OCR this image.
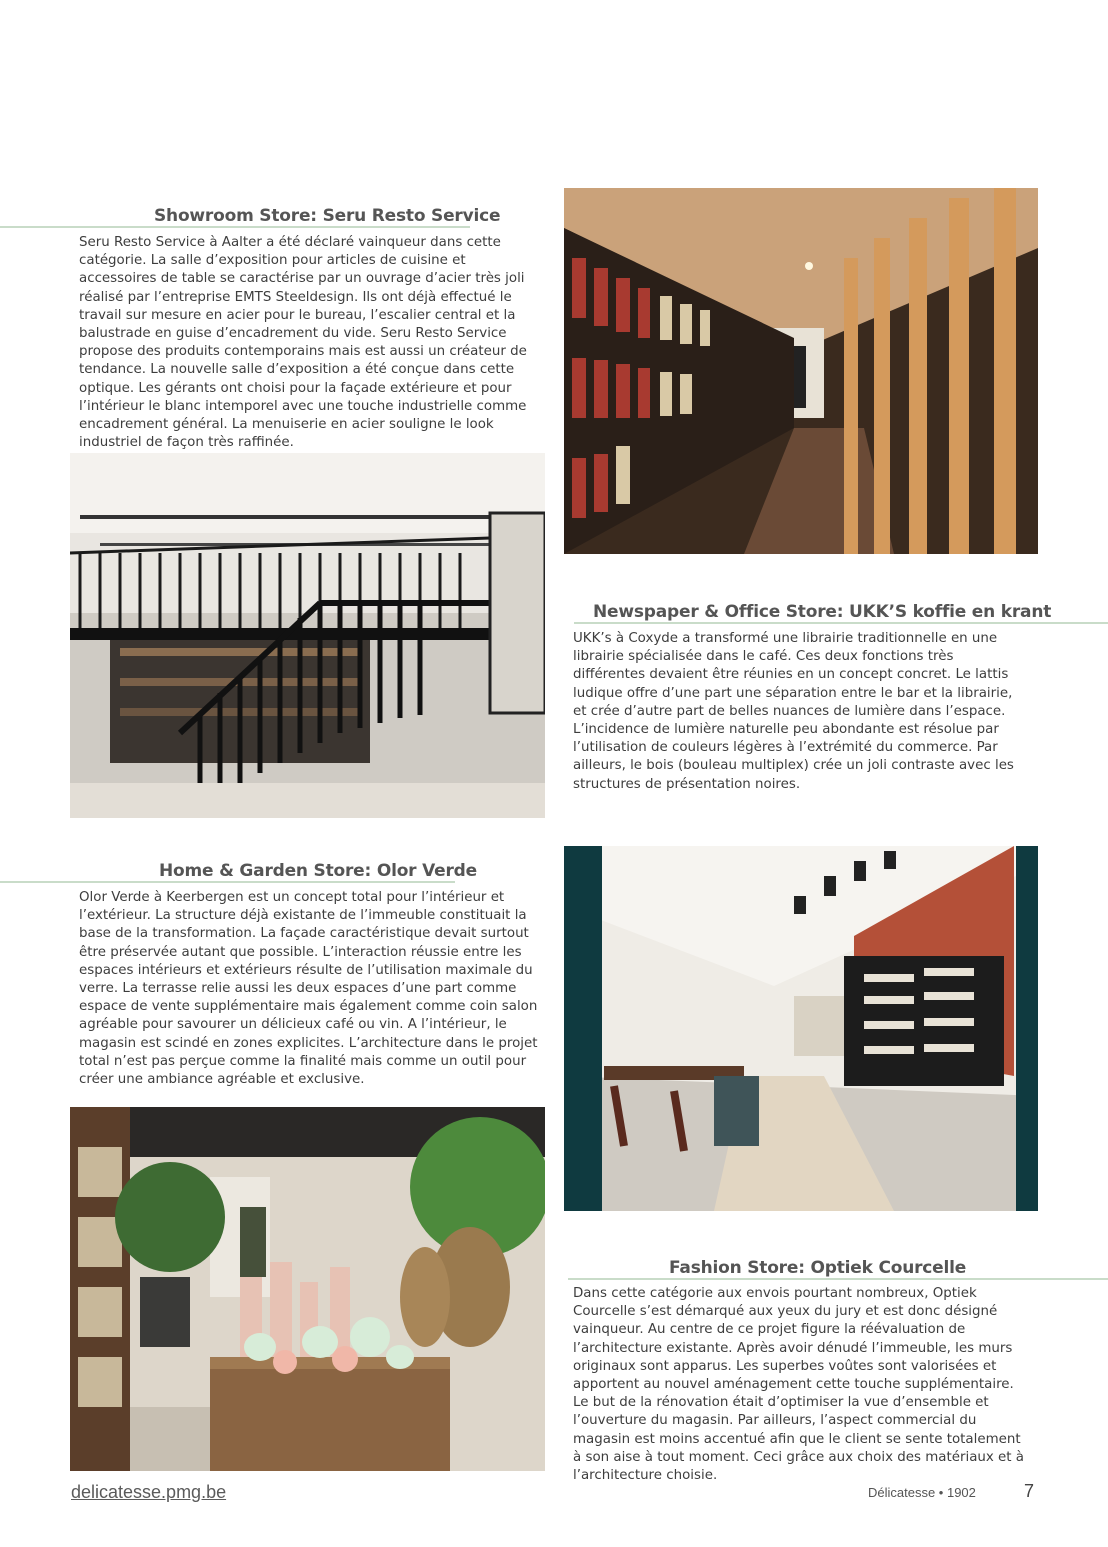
Showroom Store: Seru Resto Service
Seru Resto Service à Aalter a été déclaré vainqueur dans cette catégorie. La salle d’exposition pour articles de cuisine et accessoires de table se caractérise par un ouvrage d’acier très joli réalisé par l’entreprise EMTS Steeldesign. Ils ont déjà effectué le travail sur mesure en acier pour le bureau, l’escalier central et la balustrade en guise d’encadrement du vide. Seru Resto Service propose des produits contemporains mais est aussi un créateur de tendance. La nouvelle salle d’exposition a été conçue dans cette optique. Les gérants ont choisi pour la façade extérieure et pour l’intérieur le blanc intemporel avec une touche industrielle comme encadrement général. La menuiserie en acier souligne le look industriel de façon très raffinée.
Newspaper & Office Store: UKK’S koffie en krant
UKK’s à Coxyde a transformé une librairie traditionnelle en une librairie spécialisée dans le café. Ces deux fonctions très différentes devaient être réunies en un concept concret. Le lattis ludique offre d’une part une séparation entre le bar et la librairie, et crée d’autre part de belles nuances de lumière dans l’espace. L’incidence de lumière naturelle peu abondante est résolue par l’utilisation de couleurs légères à l’extrémité du commerce. Par ailleurs, le bois (bouleau multiplex) crée un joli contraste avec les structures de présentation noires.
Home & Garden Store: Olor Verde
Olor Verde à Keerbergen est un concept total pour l’intérieur et l’extérieur. La structure déjà existante de l’immeuble constituait la base de la transformation. La façade caractéristique devait surtout être préservée autant que possible. L’interaction réussie entre les espaces intérieurs et extérieurs résulte de l’utilisation maximale du verre. La terrasse relie aussi les deux espaces d’une part comme espace de vente supplémentaire mais également comme coin salon agréable pour savourer un délicieux café ou vin. A l’intérieur, le magasin est scindé en zones explicites. L’architecture dans le projet total n’est pas perçue comme la finalité mais comme un outil pour créer une ambiance agréable et exclusive.
Fashion Store: Optiek Courcelle
Dans cette catégorie aux envois pourtant nombreux, Optiek Courcelle s’est démarqué aux yeux du jury et est donc désigné vainqueur. Au centre de ce projet figure la réévaluation de l’architecture existante. Après avoir dénudé l’immeuble, les murs originaux sont apparus. Les superbes voûtes sont valorisées et apportent au nouvel aménagement cette touche supplémentaire. Le but de la rénovation était d’optimiser la vue d’ensemble et l’ouverture du magasin. Par ailleurs, l’aspect commercial du magasin est moins accentué afin que le client se sente totalement à son aise à tout moment. Ceci grâce aux choix des matériaux et à l’architecture choisie.
delicatesse.pmg.be	Délicatesse • 1902	7
